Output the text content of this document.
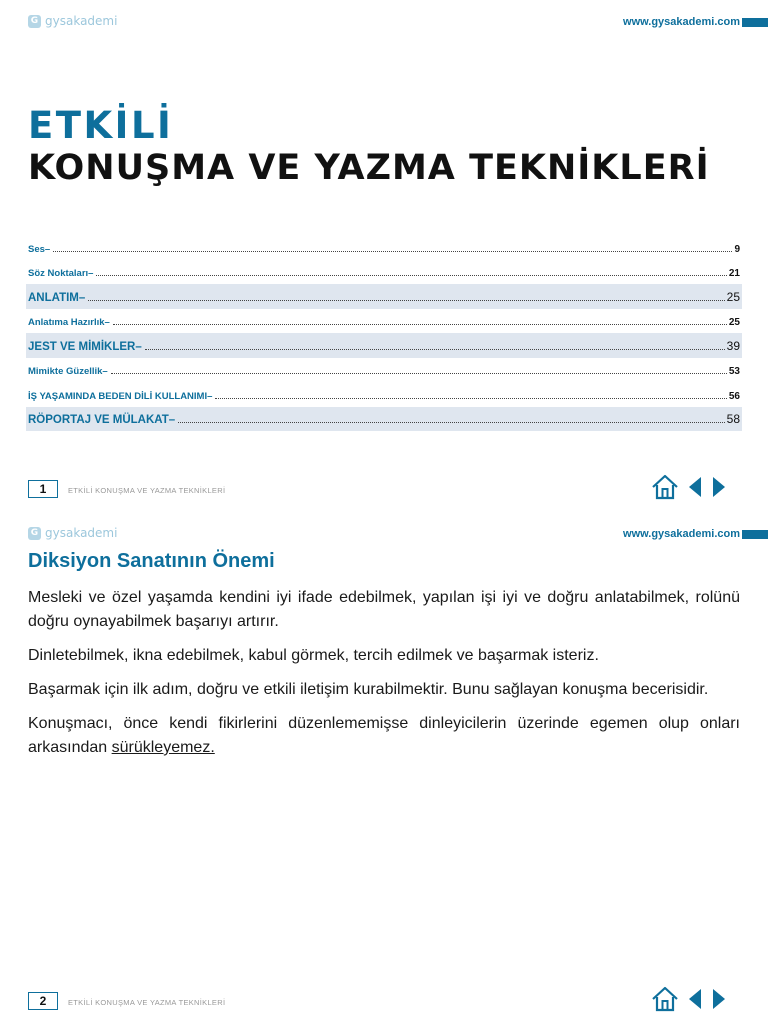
G gysakademi	www.gysakademi.com
ETKİLİ
KONUŞMA VE YAZMA TEKNİKLERİ
Ses–	9
Söz Noktaları–	21
ANLATIM–	25
Anlatıma Hazırlık–	25
JEST VE MİMİKLER–	39
Mimikte Güzellik–	53
İŞ YAŞAMINDA BEDEN DİLİ KULLANIMI–	56
RÖPORTAJ VE MÜLAKAT–	58
1	ETKİLİ KONUŞMA VE YAZMA TEKNİKLERİ
G gysakademi	www.gysakademi.com
Diksiyon Sanatının Önemi

Mesleki ve özel yaşamda kendini iyi ifade edebilmek, yapılan işi iyi ve doğru anlatabilmek, rolünü doğru oynayabilmek başarıyı artırır.

Dinletebilmek, ikna edebilmek, kabul görmek, tercih edilmek ve başarmak isteriz.

Başarmak için ilk adım, doğru ve etkili iletişim kurabilmektir. Bunu sağlayan konuşma becerisidir.

Konuşmacı, önce kendi fikirlerini düzenlememişse dinleyicilerin üzerinde egemen olup onları arkasından sürükleyemez.

2	ETKİLİ KONUŞMA VE YAZMA TEKNİKLERİ
